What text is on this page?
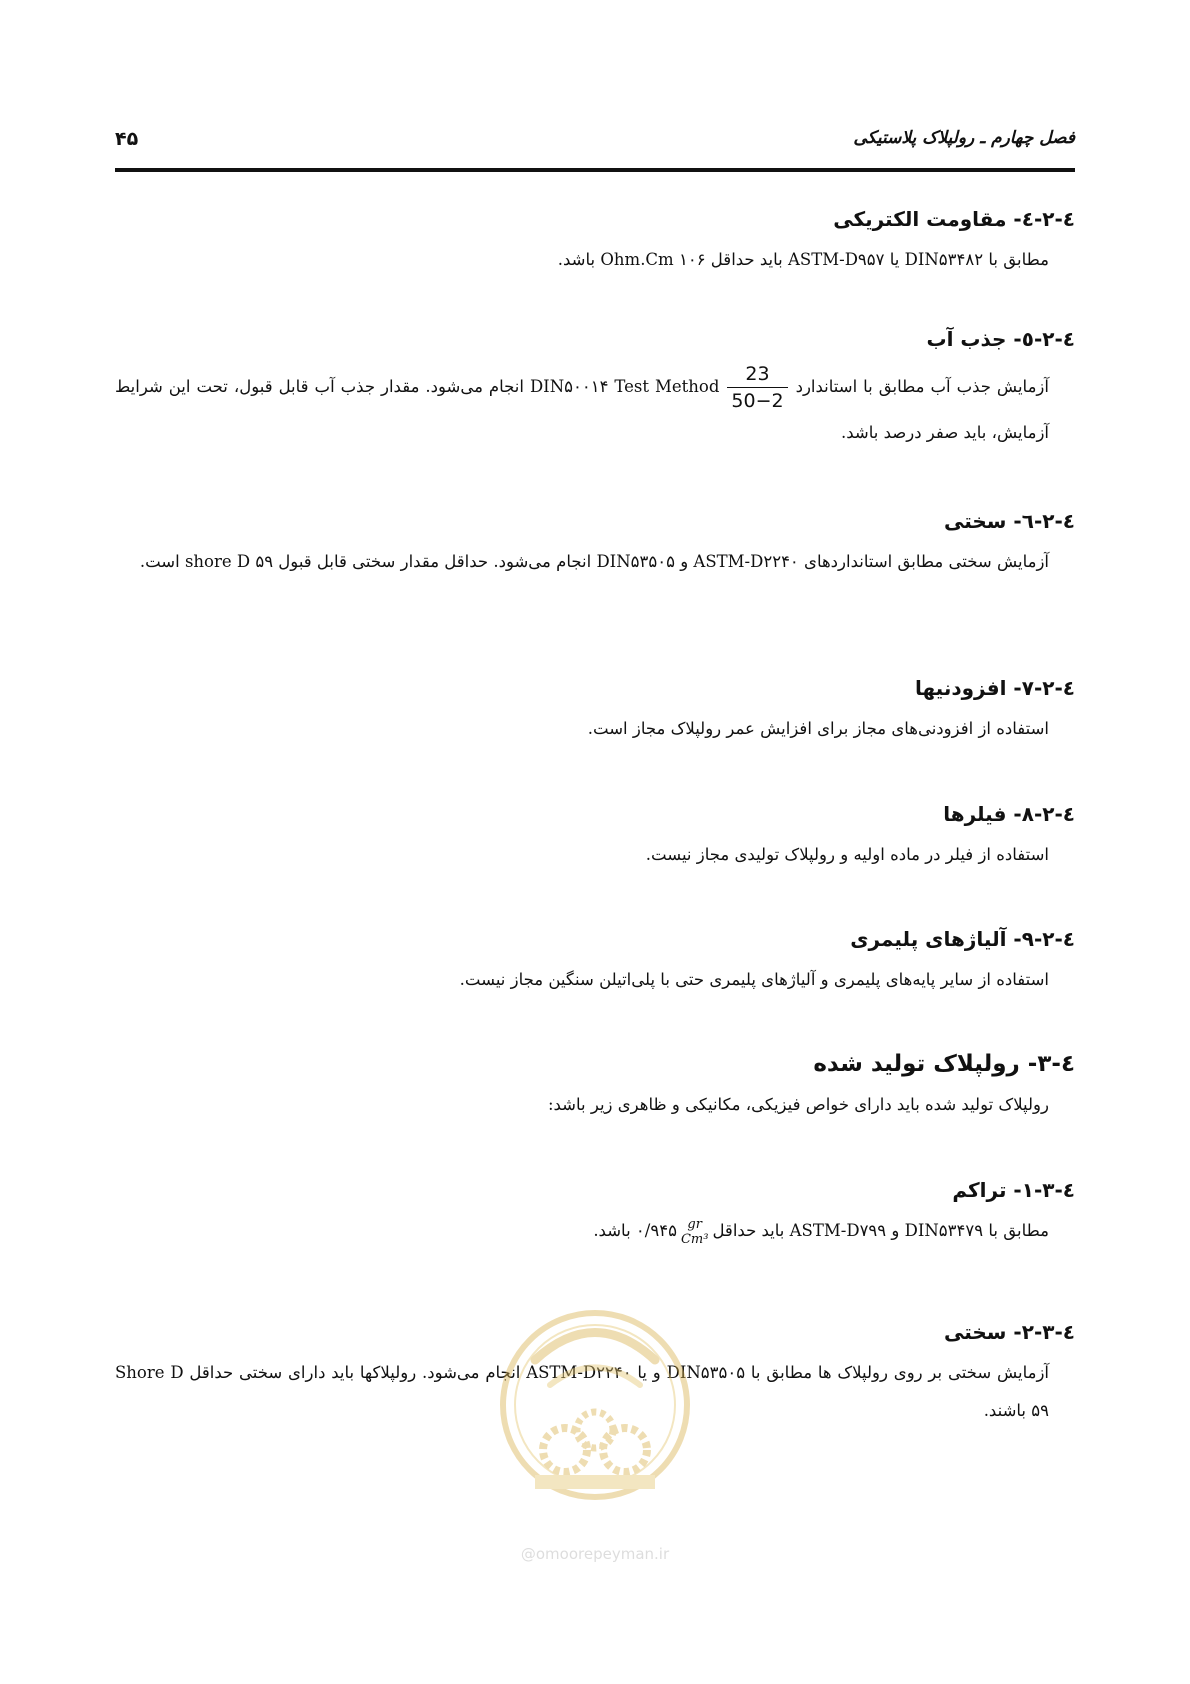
فصل چهارم ـ رولپلاک پلاستیکی
۴۵
٤-٢-٤- مقاومت الکتریکی

مطابق با DIN۵۳۴۸۲ یا ASTM-D۹۵۷ باید حداقل ۱۰۶ Ohm.Cm باشد.

٤-٢-٥- جذب آب

آزمایش جذب آب مطابق با استاندارد
$\frac{23}{50-2}$
DIN۵۰۰۱۴ Test Method انجام می‌شود. مقدار جذب آب قابل قبول، تحت این شرایط آزمایش، باید صفر درصد باشد.

٤-٢-٦- سختی

آزمایش سختی مطابق استانداردهای ASTM-D۲۲۴۰ و DIN۵۳۵۰۵ انجام می‌شود. حداقل مقدار سختی قابل قبول shore D ۵۹ است.

٤-٢-٧- افزودنیها

استفاده از افزودنی‌های مجاز برای افزایش عمر رولپلاک مجاز است.

٤-٢-٨- فیلرها

استفاده از فیلر در ماده اولیه و رولپلاک تولیدی مجاز نیست.

٤-٢-٩- آلیاژهای پلیمری

استفاده از سایر پایه‌های پلیمری و آلیاژهای پلیمری حتی با پلی‌اتیلن سنگین مجاز نیست.

٤-٣- رولپلاک تولید شده

رولپلاک تولید شده باید دارای خواص فیزیکی، مکانیکی و ظاهری زیر باشد:

٤-٣-١- تراکم

مطابق با DIN۵۳۴۷۹ و ASTM-D۷۹۹ باید حداقل
gr
Cm³
۰/۹۴۵ باشد.

٤-٣-٢- سختی

آزمایش سختی بر روی رولپلاک ها مطابق با DIN۵۳۵۰۵ و یا ASTM-D۲۲۴۰ انجام می‌شود. رولپلاکها باید دارای سختی حداقل Shore D ۵۹ باشند.

@omoorepeyman.ir
